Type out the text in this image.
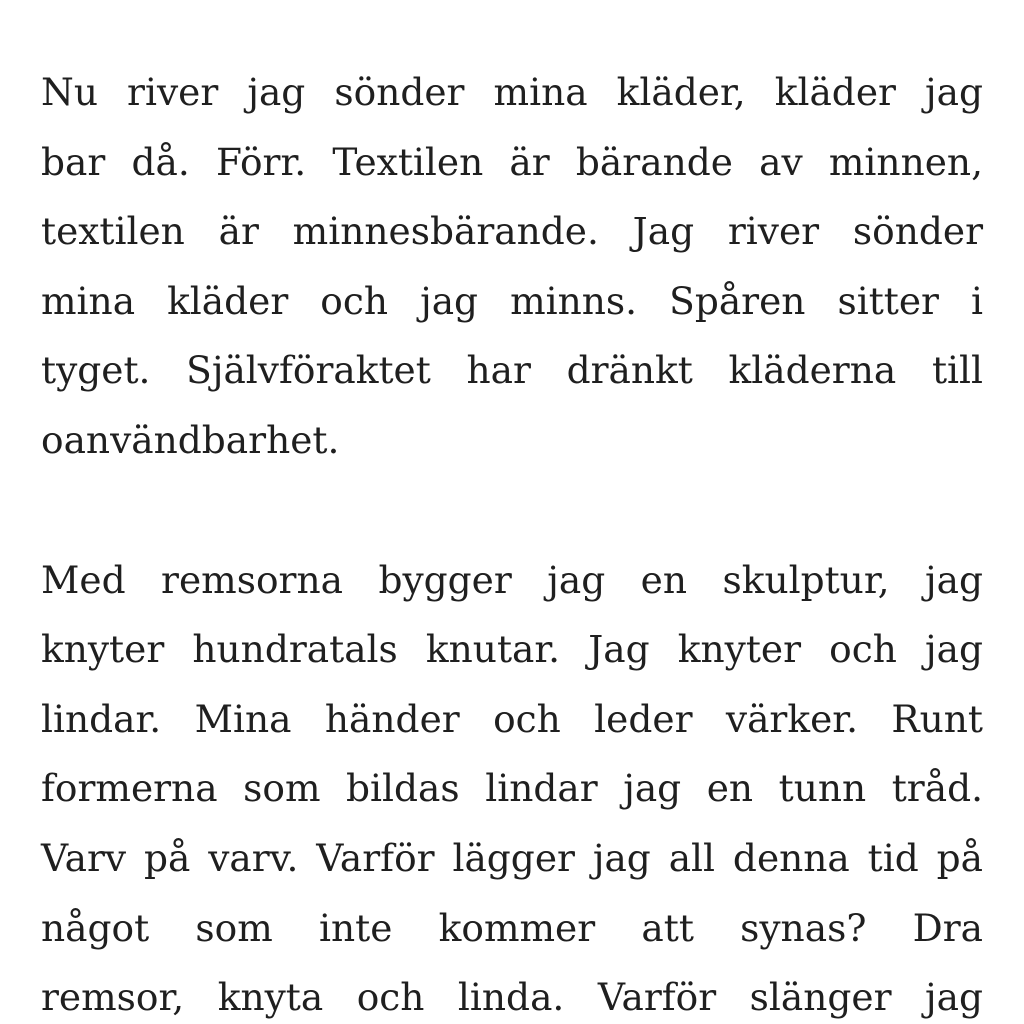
Nu river jag sönder mina kläder, kläder jag
bar då. Förr. Textilen är bärande av minnen,
textilen är minnesbärande. Jag river sönder
mina kläder och jag minns. Spåren sitter i
tyget. Självföraktet har dränkt kläderna till
oanvändbarhet.

Med remsorna bygger jag en skulptur, jag
knyter hundratals knutar. Jag knyter och jag
lindar. Mina händer och leder värker. Runt
formerna som bildas lindar jag en tunn tråd.
Varv på varv. Varför lägger jag all denna tid på
något som inte kommer att synas? Dra
remsor, knyta och linda. Varför slänger jag
